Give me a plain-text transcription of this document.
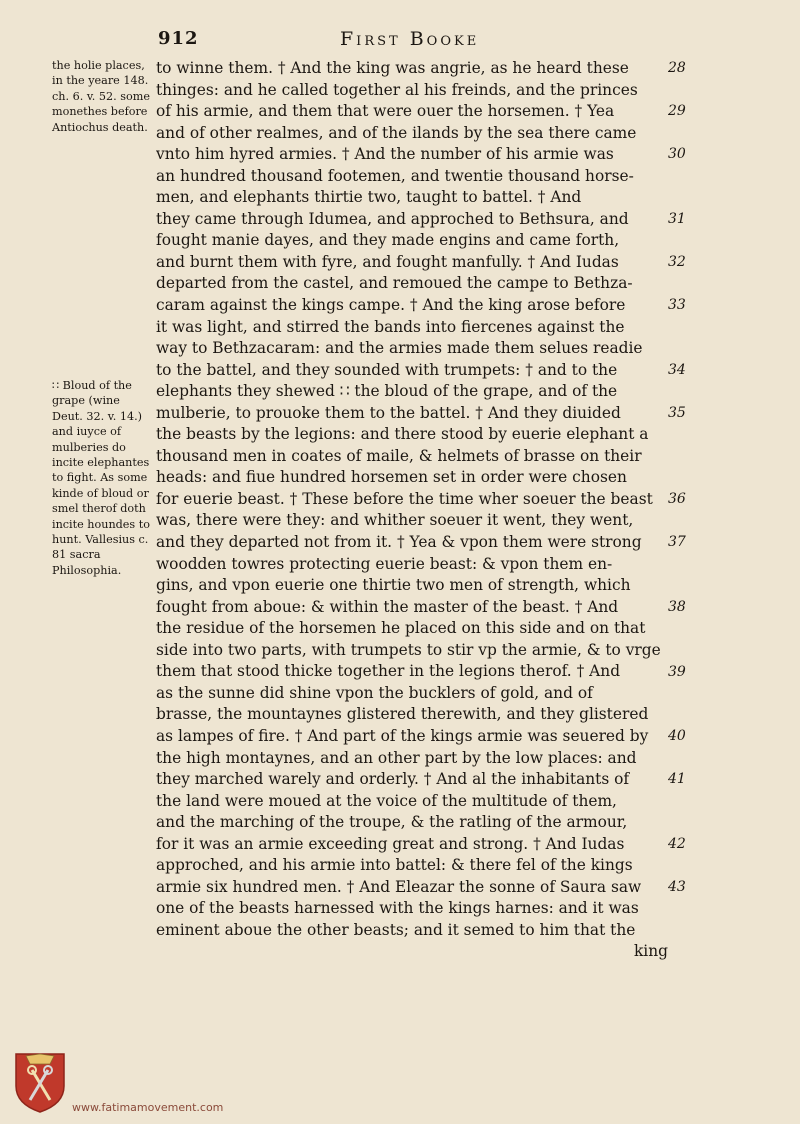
912	First Booke

the holie places, in the yeare 148. ch. 6. v. 52. some monethes before Antiochus death.

∷ Bloud of the grape (wine Deut. 32. v. 14.) and iuyce of mulberies do incite elephantes to fight. As some kinde of bloud or smel therof doth incite houndes to hunt. Vallesius c. 81 sacra Philosophia.

to winne them. † And the king was angrie, as he heard these
thinges: and he called together al his freinds, and the princes
of his armie, and them that were ouer the horsemen. † Yea
and of other realmes, and of the ilands by the sea there came
vnto him hyred armies. † And the number of his armie was
an hundred thousand footemen, and twentie thousand horse-
men, and elephants thirtie two, taught to battel. † And
they came through Idumea, and approched to Bethsura, and
fought manie dayes, and they made engins and came forth,
and burnt them with fyre, and fought manfully. † And Iudas
departed from the castel, and remoued the campe to Bethza-
caram against the kings campe. † And the king arose before
it was light, and stirred the bands into fiercenes against the
way to Bethzacaram: and the armies made them selues readie
to the battel, and they sounded with trumpets: † and to the
elephants they shewed ∷ the bloud of the grape, and of the
mulberie, to prouoke them to the battel. † And they diuided
the beasts by the legions: and there stood by euerie elephant a
thousand men in coates of maile, & helmets of brasse on their
heads: and fiue hundred horsemen set in order were chosen
for euerie beast. † These before the time wher soeuer the beast
was, there were they: and whither soeuer it went, they went,
and they departed not from it. † Yea & vpon them were strong
woodden towres protecting euerie beast: & vpon them en-
gins, and vpon euerie one thirtie two men of strength, which
fought from aboue: & within the master of the beast. † And
the residue of the horsemen he placed on this side and on that
side into two parts, with trumpets to stir vp the armie, & to vrge
them that stood thicke together in the legions therof. † And
as the sunne did shine vpon the bucklers of gold, and of
brasse, the mountaynes glistered therewith, and they glistered
as lampes of fire. † And part of the kings armie was seuered by
the high montaynes, and an other part by the low places: and
they marched warely and orderly. † And al the inhabitants of
the land were moued at the voice of the multitude of them,
and the marching of the troupe, & the ratling of the armour,
for it was an armie exceeding great and strong. † And Iudas
approched, and his armie into battel: & there fel of the kings
armie six hundred men. † And Eleazar the sonne of Saura saw
one of the beasts harnessed with the kings harnes: and it was
eminent aboue the other beasts; and it semed to him that the
king
28
29
30
31
32
33
34
35
36
37
38
39
40
41
42
43
www.fatimamovement.com
